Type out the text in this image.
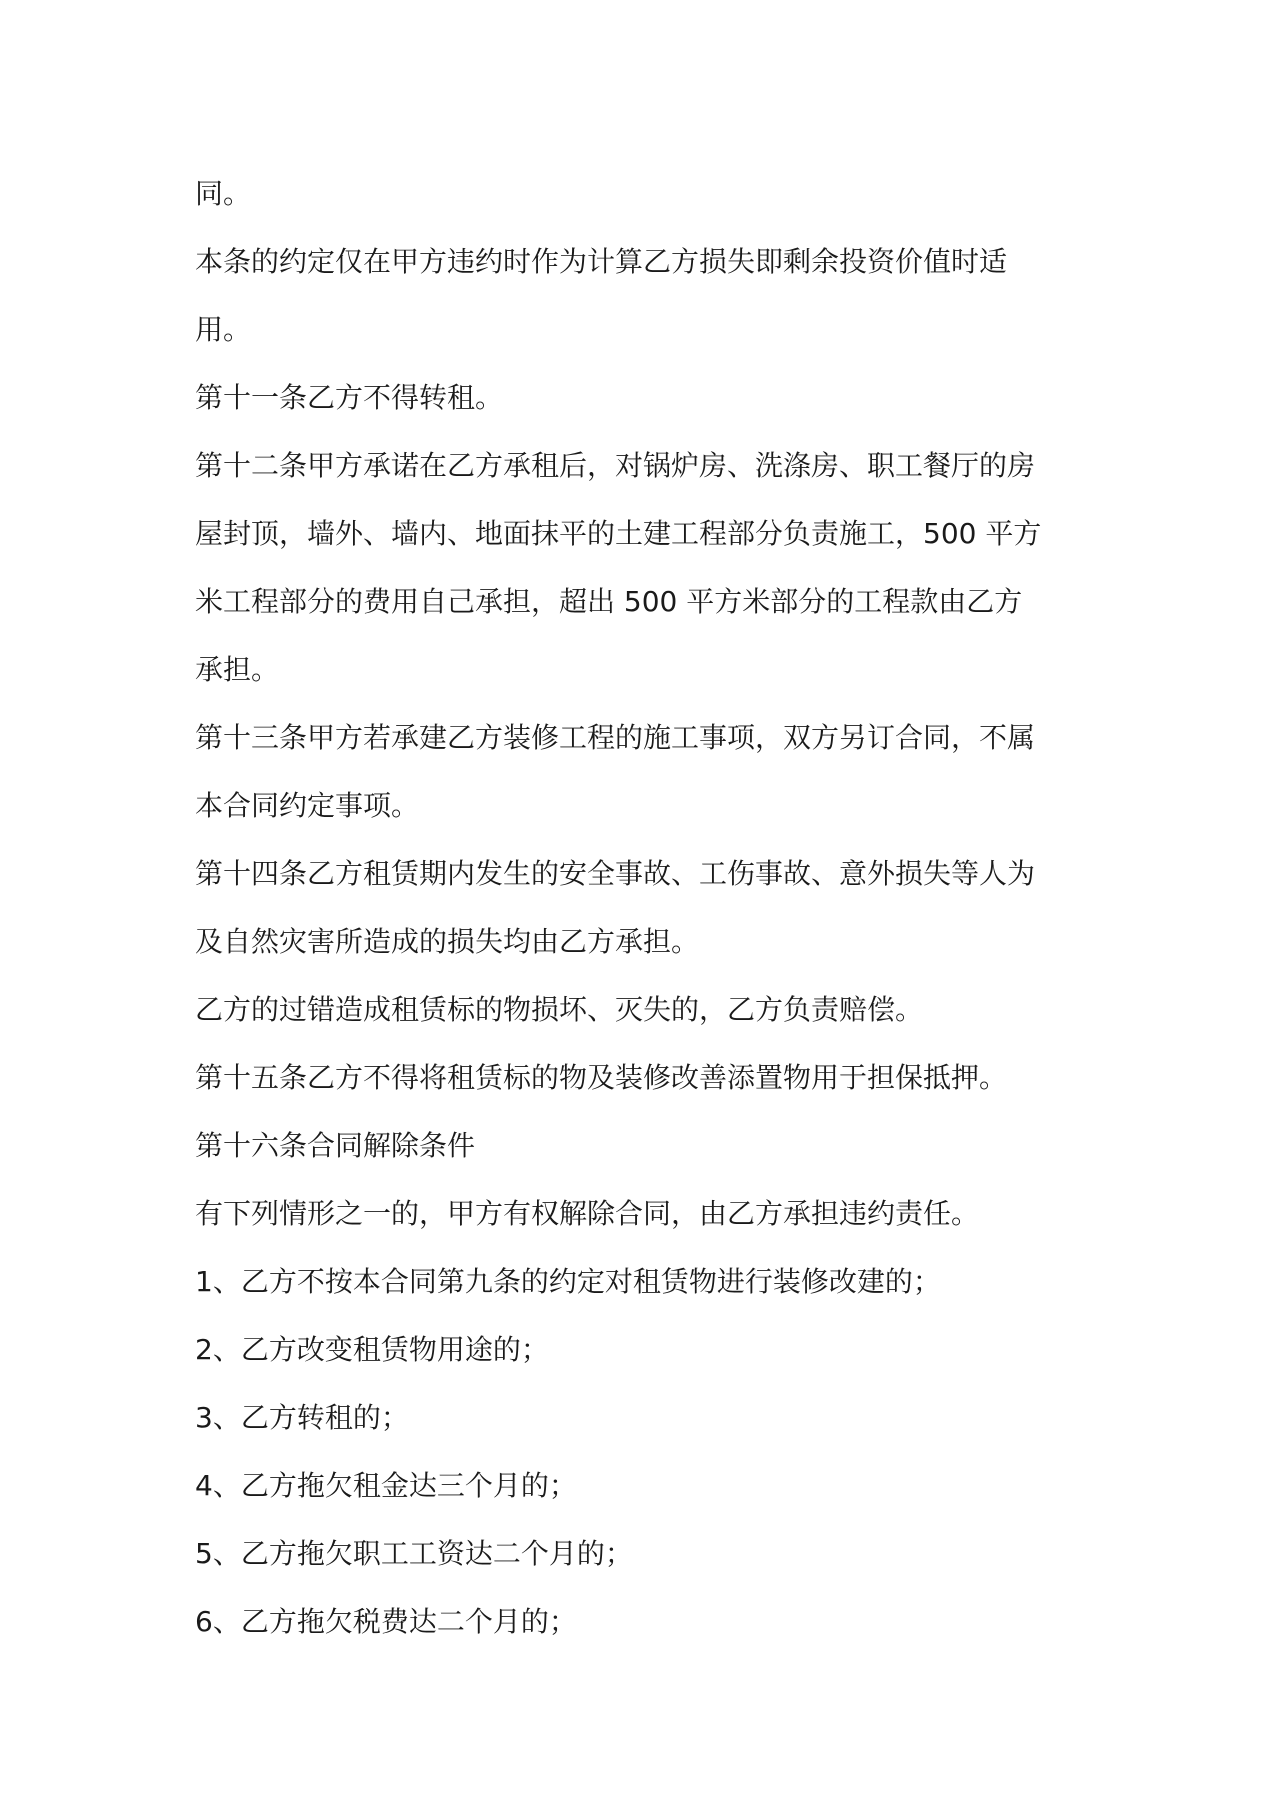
同。

本条的约定仅在甲方违约时作为计算乙方损失即剩余投资价值时适

用。

第十一条乙方不得转租。

第十二条甲方承诺在乙方承租后，对锅炉房、洗涤房、职工餐厅的房

屋封顶，墙外、墙内、地面抹平的土建工程部分负责施工，500 平方

米工程部分的费用自己承担，超出 500 平方米部分的工程款由乙方

承担。

第十三条甲方若承建乙方装修工程的施工事项，双方另订合同，不属

本合同约定事项。

第十四条乙方租赁期内发生的安全事故、工伤事故、意外损失等人为

及自然灾害所造成的损失均由乙方承担。

乙方的过错造成租赁标的物损坏、灭失的，乙方负责赔偿。

第十五条乙方不得将租赁标的物及装修改善添置物用于担保抵押。

第十六条合同解除条件

有下列情形之一的，甲方有权解除合同，由乙方承担违约责任。

1、乙方不按本合同第九条的约定对租赁物进行装修改建的；

2、乙方改变租赁物用途的；

3、乙方转租的；

4、乙方拖欠租金达三个月的；

5、乙方拖欠职工工资达二个月的；

6、乙方拖欠税费达二个月的；
